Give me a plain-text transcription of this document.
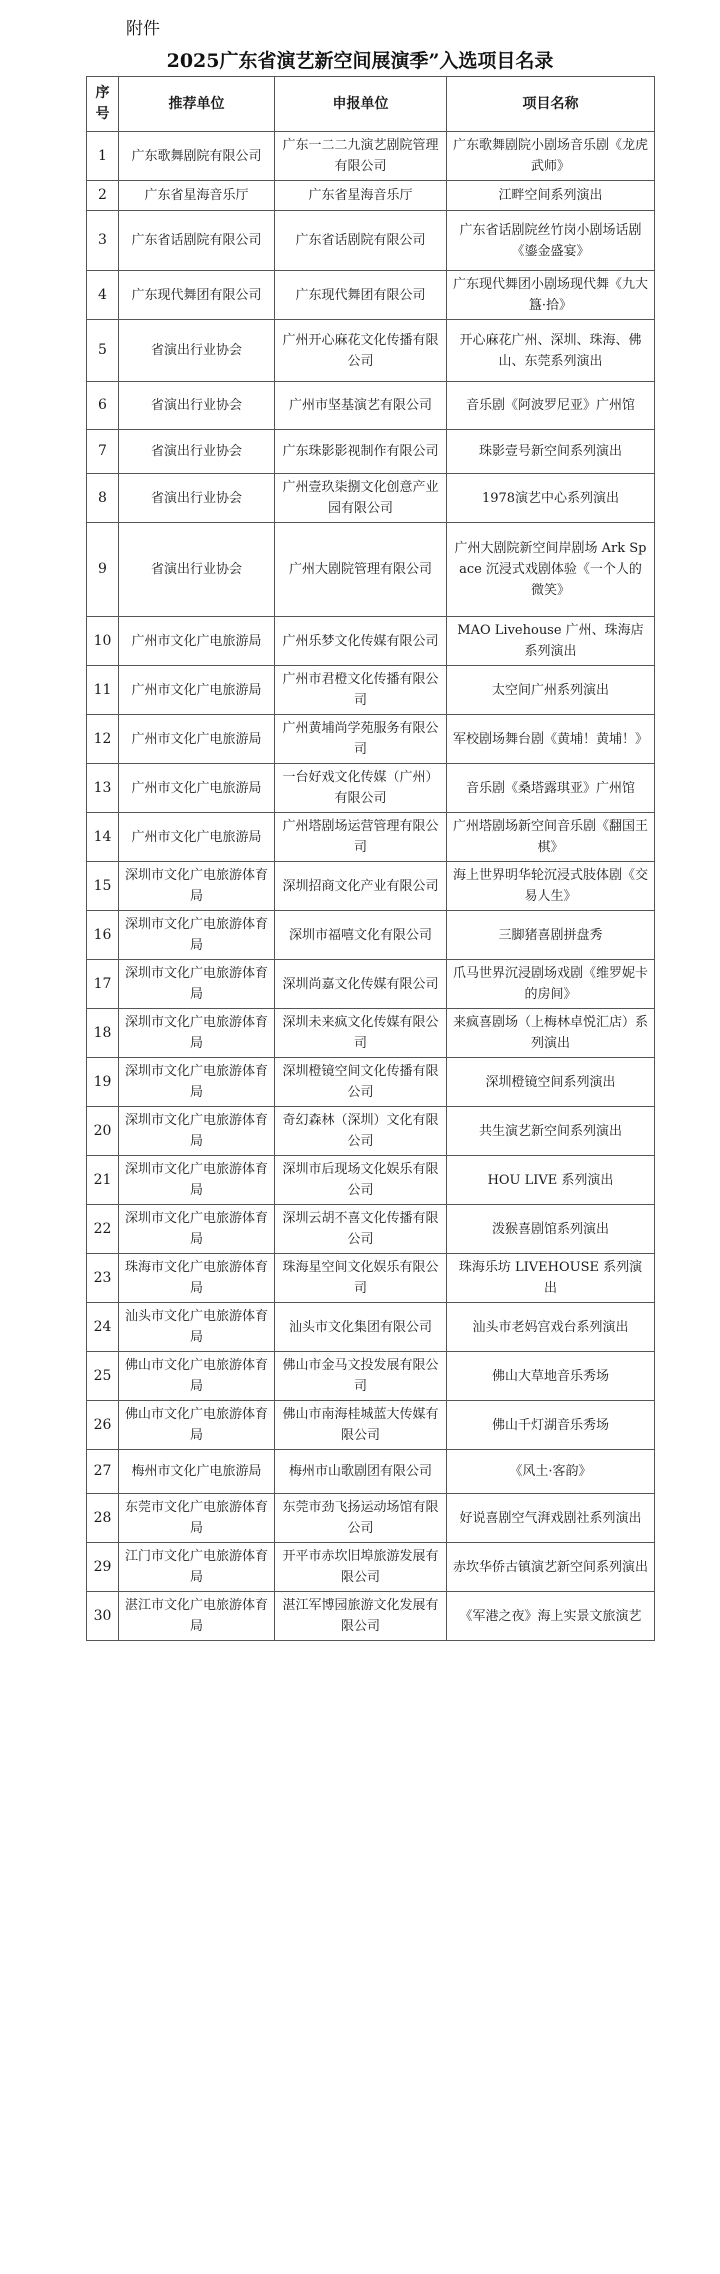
附件
2025广东省演艺新空间展演季”入选项目名录
序号	推荐单位	申报单位	项目名称
1	广东歌舞剧院有限公司	广东一二二九演艺剧院管理有限公司	广东歌舞剧院小剧场音乐剧《龙虎武师》
2	广东省星海音乐厅	广东省星海音乐厅	江畔空间系列演出
3	广东省话剧院有限公司	广东省话剧院有限公司	广东省话剧院丝竹岗小剧场话剧《鎏金盛宴》
4	广东现代舞团有限公司	广东现代舞团有限公司	广东现代舞团小剧场现代舞《九大簋·拾》
5	省演出行业协会	广州开心麻花文化传播有限公司	开心麻花广州、深圳、珠海、佛山、东莞系列演出
6	省演出行业协会	广州市坚基演艺有限公司	音乐剧《阿波罗尼亚》广州馆
7	省演出行业协会	广东珠影影视制作有限公司	珠影壹号新空间系列演出
8	省演出行业协会	广州壹玖柒捌文化创意产业园有限公司	1978演艺中心系列演出
9	省演出行业协会	广州大剧院管理有限公司	广州大剧院新空间岸剧场 Ark Space 沉浸式戏剧体验《一个人的微笑》
10	广州市文化广电旅游局	广州乐梦文化传媒有限公司	MAO Livehouse 广州、珠海店系列演出
11	广州市文化广电旅游局	广州市君橙文化传播有限公司	太空间广州系列演出
12	广州市文化广电旅游局	广州黄埔尚学苑服务有限公司	军校剧场舞台剧《黄埔！黄埔！》
13	广州市文化广电旅游局	一台好戏文化传媒（广州）有限公司	音乐剧《桑塔露琪亚》广州馆
14	广州市文化广电旅游局	广州塔剧场运营管理有限公司	广州塔剧场新空间音乐剧《翻国王棋》
15	深圳市文化广电旅游体育局	深圳招商文化产业有限公司	海上世界明华轮沉浸式肢体剧《交易人生》
16	深圳市文化广电旅游体育局	深圳市福嘻文化有限公司	三脚猪喜剧拼盘秀
17	深圳市文化广电旅游体育局	深圳尚嘉文化传媒有限公司	爪马世界沉浸剧场戏剧《维罗妮卡的房间》
18	深圳市文化广电旅游体育局	深圳未来疯文化传媒有限公司	来疯喜剧场（上梅林卓悦汇店）系列演出
19	深圳市文化广电旅游体育局	深圳橙镜空间文化传播有限公司	深圳橙镜空间系列演出
20	深圳市文化广电旅游体育局	奇幻森林（深圳）文化有限公司	共生演艺新空间系列演出
21	深圳市文化广电旅游体育局	深圳市后现场文化娱乐有限公司	HOU LIVE 系列演出
22	深圳市文化广电旅游体育局	深圳云胡不喜文化传播有限公司	泼猴喜剧馆系列演出
23	珠海市文化广电旅游体育局	珠海星空间文化娱乐有限公司	珠海乐坊 LIVEHOUSE 系列演出
24	汕头市文化广电旅游体育局	汕头市文化集团有限公司	汕头市老妈宫戏台系列演出
25	佛山市文化广电旅游体育局	佛山市金马文投发展有限公司	佛山大草地音乐秀场
26	佛山市文化广电旅游体育局	佛山市南海桂城蓝大传媒有限公司	佛山千灯湖音乐秀场
27	梅州市文化广电旅游局	梅州市山歌剧团有限公司	《风土·客韵》
28	东莞市文化广电旅游体育局	东莞市劲飞扬运动场馆有限公司	好说喜剧空气湃戏剧社系列演出
29	江门市文化广电旅游体育局	开平市赤坎旧埠旅游发展有限公司	赤坎华侨古镇演艺新空间系列演出
30	湛江市文化广电旅游体育局	湛江军博园旅游文化发展有限公司	《军港之夜》海上实景文旅演艺
